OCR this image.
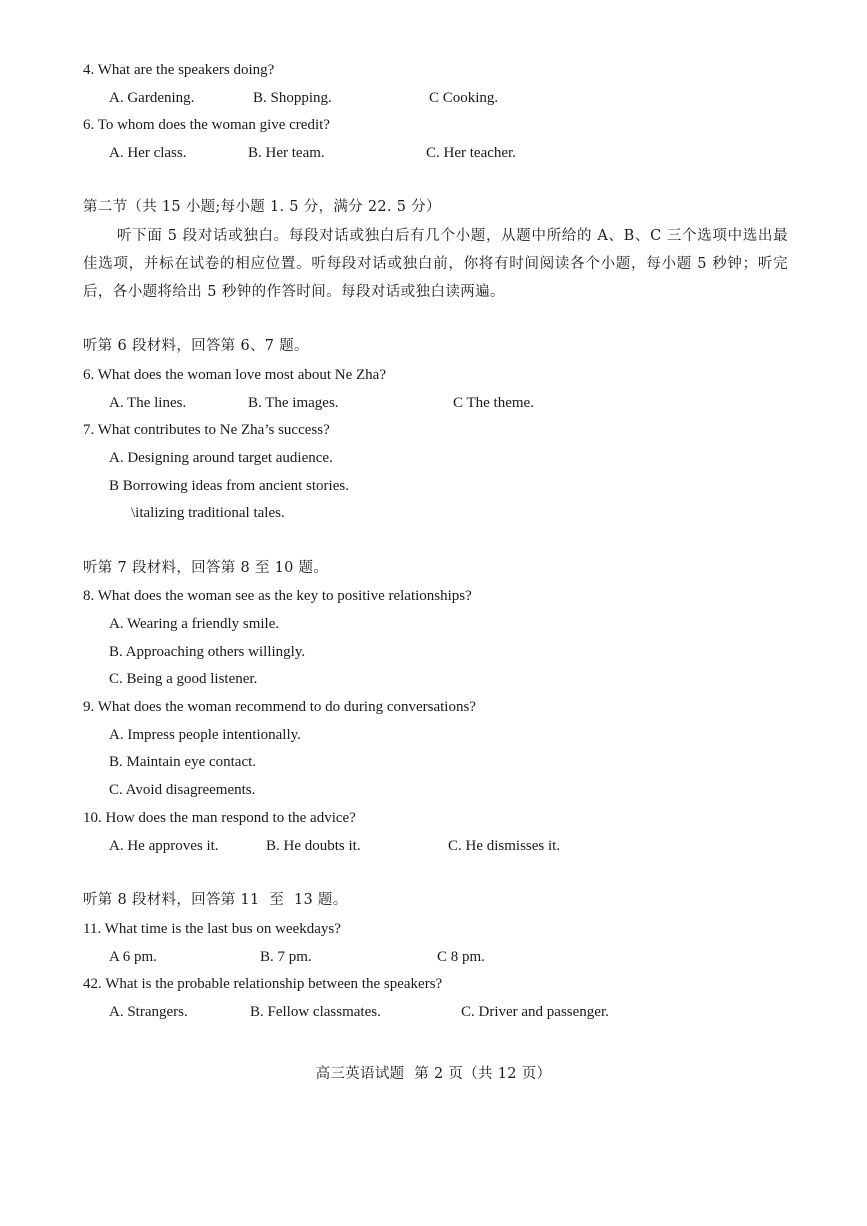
4. What are the speakers doing?
A. Gardening.	B. Shopping.	C Cooking.
6. To whom does the woman give credit?
A. Her class.	B. Her team.	C. Her teacher.
第二节（共 15 小题;每小题 1. 5 分，满分 22. 5 分）
听下面 5 段对话或独白。每段对话或独白后有几个小题，从题中所给的 A、B、C 三个选项中选出最佳选项，并标在试卷的相应位置。听每段对话或独白前，你将有时间阅读各个小题，每小题 5 秒钟；听完后，各小题将给出 5 秒钟的作答时间。每段对话或独白读两遍。
听第 6 段材料，回答第 6、7 题。
6. What does the woman love most about Ne Zha?
A. The lines.	B. The images.	C The theme.
7. What contributes to Ne Zha’s success?
A. Designing around target audience.
B Borrowing ideas from ancient stories.
\italizing traditional tales.
听第 7 段材料，回答第 8 至 10 题。
8. What does the woman see as the key to positive relationships?
A. Wearing a friendly smile.
B. Approaching others willingly.
C. Being a good listener.
9. What does the woman recommend to do during conversations?
A. Impress people intentionally.
B. Maintain eye contact.
C. Avoid disagreements.
10. How does the man respond to the advice?
A. He approves it.	B. He doubts it.	C. He dismisses it.
听第 8 段材料，回答第 11  至  13 题。
11. What time is the last bus on weekdays?
A 6 pm.	B. 7 pm.	C 8 pm.
42. What is the probable relationship between the speakers?
A. Strangers.	B. Fellow classmates.	C. Driver and passenger.
高三英语试题  第 2 页（共 12 页）
